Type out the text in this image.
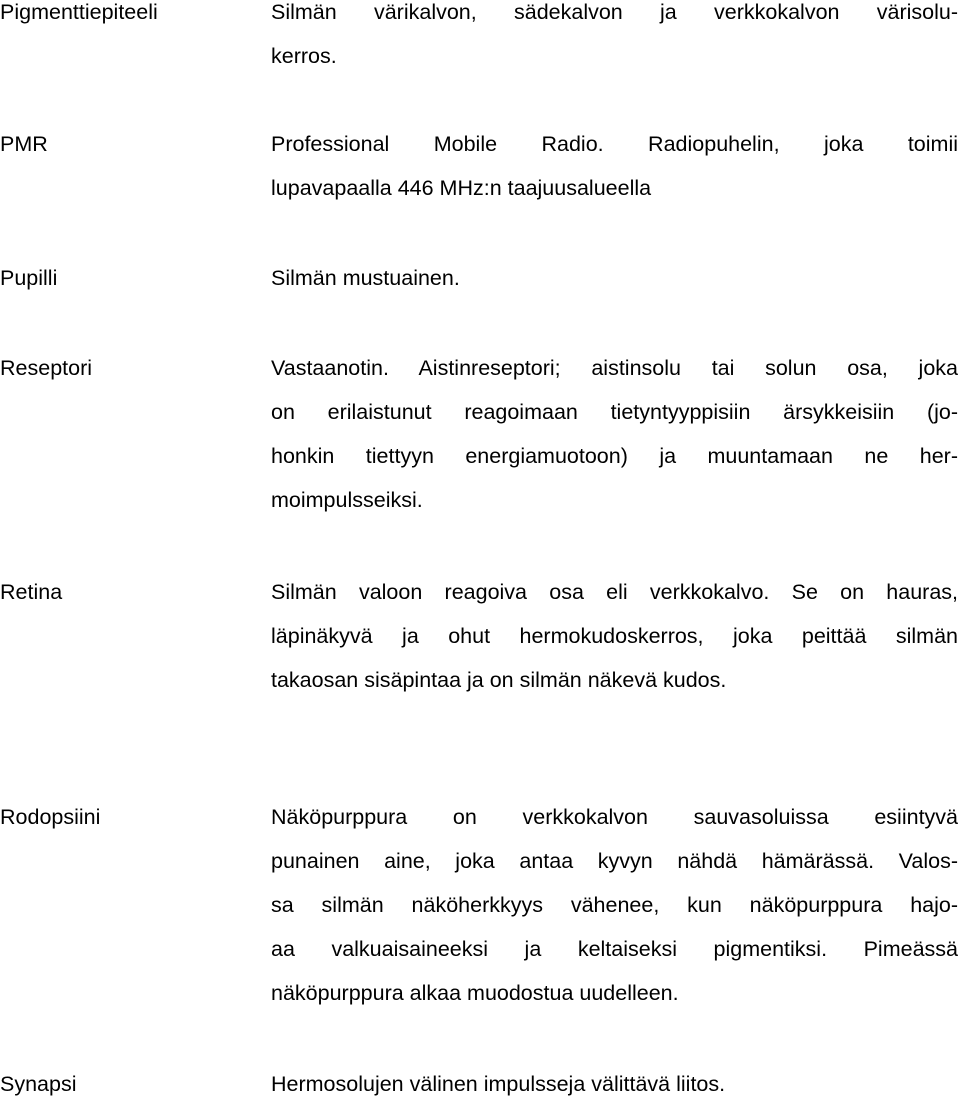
Pigmenttiepiteeli	Silmän värikalvon, sädekalvon ja verkkokalvon värisolu-
kerros.
PMR	Professional Mobile Radio. Radiopuhelin, joka toimii
lupavapaalla 446 MHz:n taajuusalueella
Pupilli	Silmän mustuainen.
Reseptori	Vastaanotin. Aistinreseptori; aistinsolu tai solun osa, joka
on erilaistunut reagoimaan tietyntyyppisiin ärsykkeisiin (jo-
honkin tiettyyn energiamuotoon) ja muuntamaan ne her-
moimpulsseiksi.
Retina	Silmän valoon reagoiva osa eli verkkokalvo. Se on hauras,
läpinäkyvä ja ohut hermokudoskerros, joka peittää silmän
takaosan sisäpintaa ja on silmän näkevä kudos.
Rodopsiini	Näköpurppura on verkkokalvon sauvasoluissa esiintyvä
punainen aine, joka antaa kyvyn nähdä hämärässä. Valos-
sa silmän näköherkkyys vähenee, kun näköpurppura hajo-
aa valkuaisaineeksi ja keltaiseksi pigmentiksi. Pimeässä
näköpurppura alkaa muodostua uudelleen.
Synapsi	Hermosolujen välinen impulsseja välittävä liitos.
